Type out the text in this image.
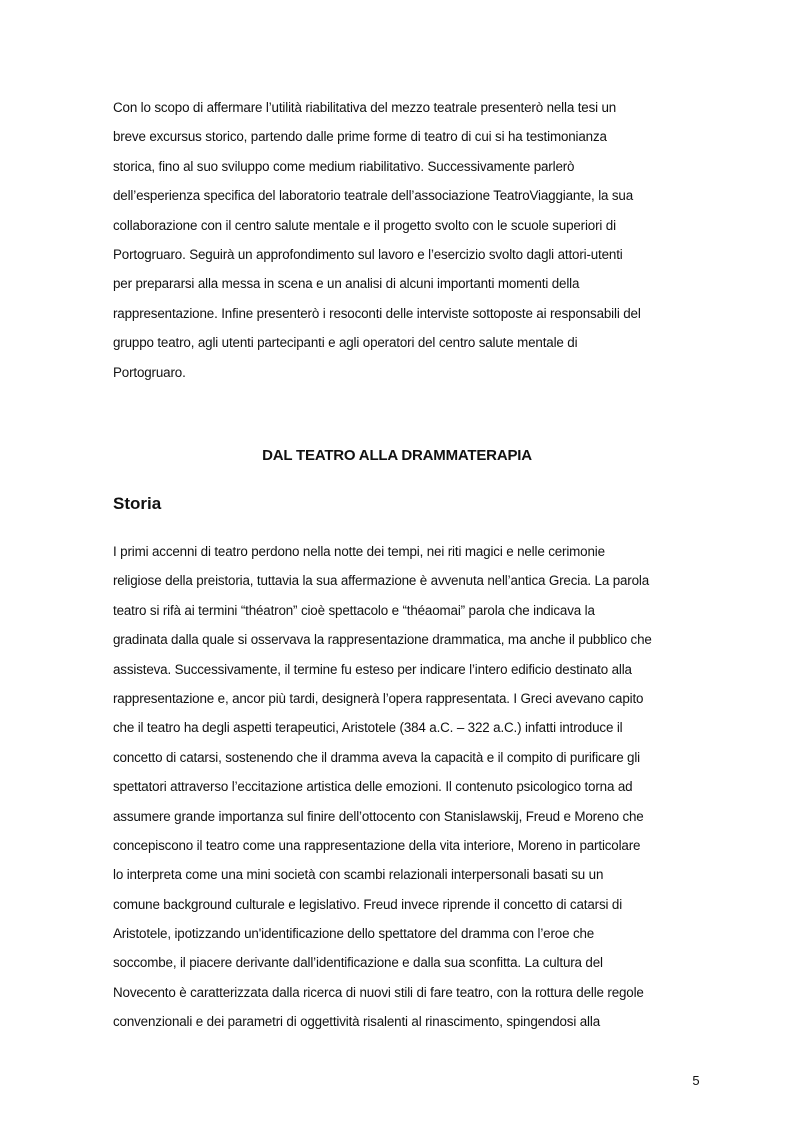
Con lo scopo di affermare l’utilità riabilitativa del mezzo teatrale presenterò nella tesi un
breve excursus storico, partendo dalle prime forme di teatro di cui si ha testimonianza
storica, fino al suo sviluppo come medium riabilitativo. Successivamente parlerò
dell’esperienza specifica del laboratorio teatrale dell’associazione TeatroViaggiante, la sua
collaborazione con il centro salute mentale e il progetto svolto con le scuole superiori di
Portogruaro. Seguirà un approfondimento sul lavoro e l’esercizio svolto dagli attori-utenti
per prepararsi alla messa in scena e un analisi di alcuni importanti momenti della
rappresentazione. Infine presenterò i resoconti delle interviste sottoposte ai responsabili del
gruppo teatro, agli utenti partecipanti e agli operatori del centro salute mentale di
Portogruaro.
DAL TEATRO ALLA DRAMMATERAPIA
Storia
I primi accenni di teatro perdono nella notte dei tempi, nei riti magici e nelle cerimonie
religiose della preistoria, tuttavia la sua affermazione è avvenuta nell’antica Grecia. La parola
teatro si rifà ai termini “théatron” cioè spettacolo e “théaomai” parola che indicava la
gradinata dalla quale si osservava la rappresentazione drammatica, ma anche il pubblico che
assisteva. Successivamente, il termine fu esteso per indicare l’intero edificio destinato alla
rappresentazione e, ancor più tardi, designerà l’opera rappresentata. I Greci avevano capito
che il teatro ha degli aspetti terapeutici, Aristotele (384 a.C. – 322 a.C.) infatti introduce il
concetto di catarsi, sostenendo che il dramma aveva la capacità e il compito di purificare gli
spettatori attraverso l’eccitazione artistica delle emozioni. Il contenuto psicologico torna ad
assumere grande importanza sul finire dell’ottocento con Stanislawskij, Freud e Moreno che
concepiscono il teatro come una rappresentazione della vita interiore, Moreno in particolare
lo interpreta come una mini società con scambi relazionali interpersonali basati su un
comune background culturale e legislativo. Freud invece riprende il concetto di catarsi di
Aristotele, ipotizzando un'identificazione dello spettatore del dramma con l’eroe che
soccombe, il piacere derivante dall’identificazione e dalla sua sconfitta. La cultura del
Novecento è caratterizzata dalla ricerca di nuovi stili di fare teatro, con la rottura delle regole
convenzionali e dei parametri di oggettività risalenti al rinascimento, spingendosi alla
5
